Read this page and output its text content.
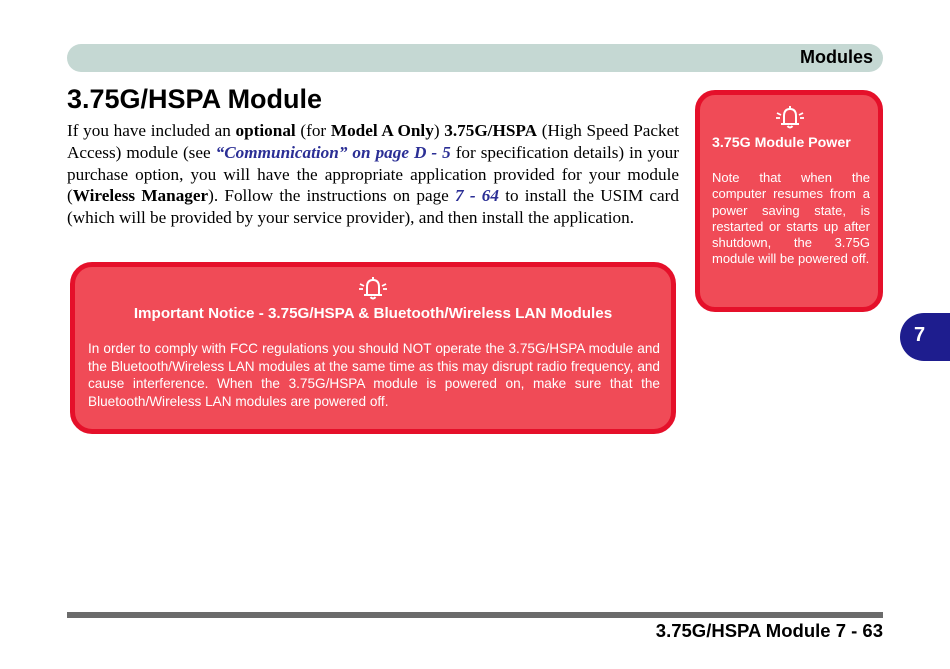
Modules
3.75G/HSPA Module

If you have included an optional (for Model A Only) 3.75G/HSPA (High Speed Packet Access) module (see “Communication” on page D - 5 for specification details) in your purchase option, you will have the appropriate application provided for your module (Wireless Manager). Follow the instructions on page 7 - 64 to install the USIM card (which will be provided by your service provider), and then install the application.

Important Notice - 3.75G/HSPA & Bluetooth/Wireless LAN Modules

In order to comply with FCC regulations you should NOT operate the 3.75G/HSPA module and the Bluetooth/Wireless LAN modules at the same time as this may disrupt radio frequency, and cause interference. When the 3.75G/HSPA module is powered on, make sure that the Bluetooth/Wireless LAN modules are powered off.

3.75G Module Power

Note that when the computer resumes from a power saving state, is restarted or starts up after shutdown, the 3.75G module will be powered off.

7
3.75G/HSPA Module 7 - 63
